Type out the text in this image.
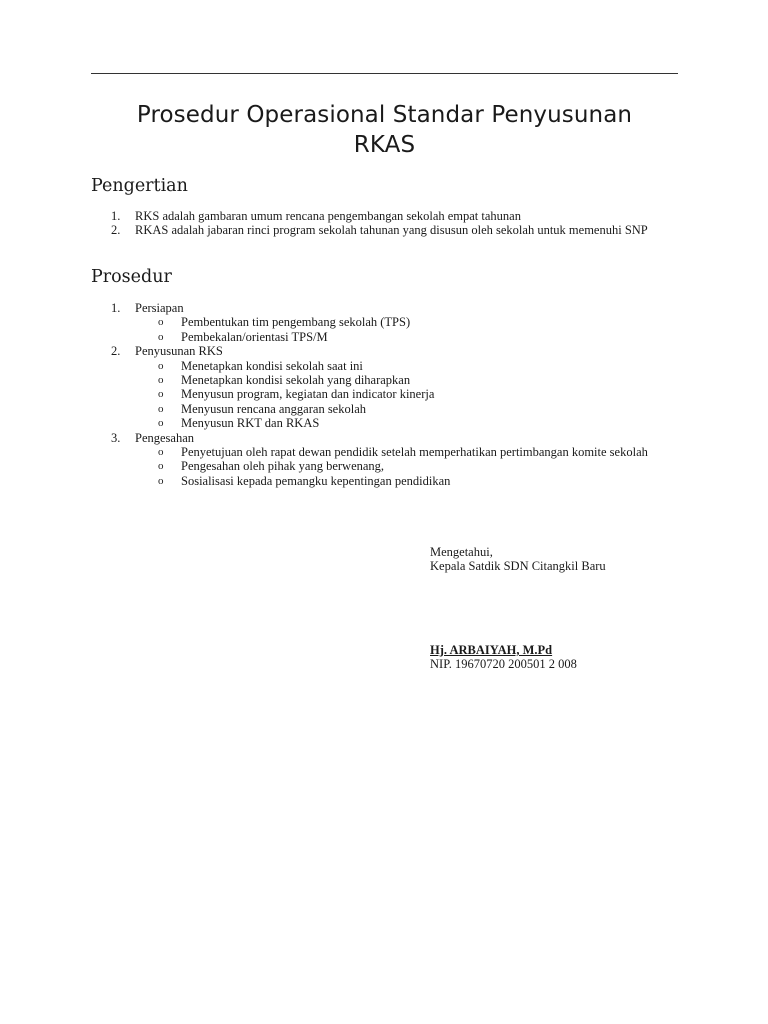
Prosedur Operasional Standar Penyusunan
RKAS
Pengertian
1.	RKS adalah gambaran umum rencana pengembangan sekolah empat tahunan
2.	RKAS adalah jabaran rinci program sekolah tahunan yang disusun oleh sekolah untuk memenuhi SNP
Prosedur
1.	Persiapan
o Pembentukan tim pengembang sekolah (TPS)
o Pembekalan/orientasi TPS/M
2.	Penyusunan RKS
o Menetapkan kondisi sekolah saat ini
o Menetapkan kondisi sekolah yang diharapkan
o Menyusun program, kegiatan dan indicator kinerja
o Menyusun rencana anggaran sekolah
o Menyusun RKT dan RKAS
3.	Pengesahan
o Penyetujuan oleh rapat dewan pendidik setelah memperhatikan pertimbangan komite sekolah
o Pengesahan oleh pihak yang berwenang,
o Sosialisasi kepada pemangku kepentingan pendidikan
Mengetahui,
Kepala Satdik SDN Citangkil Baru
Hj. ARBAIYAH, M.Pd
NIP. 19670720 200501 2 008
